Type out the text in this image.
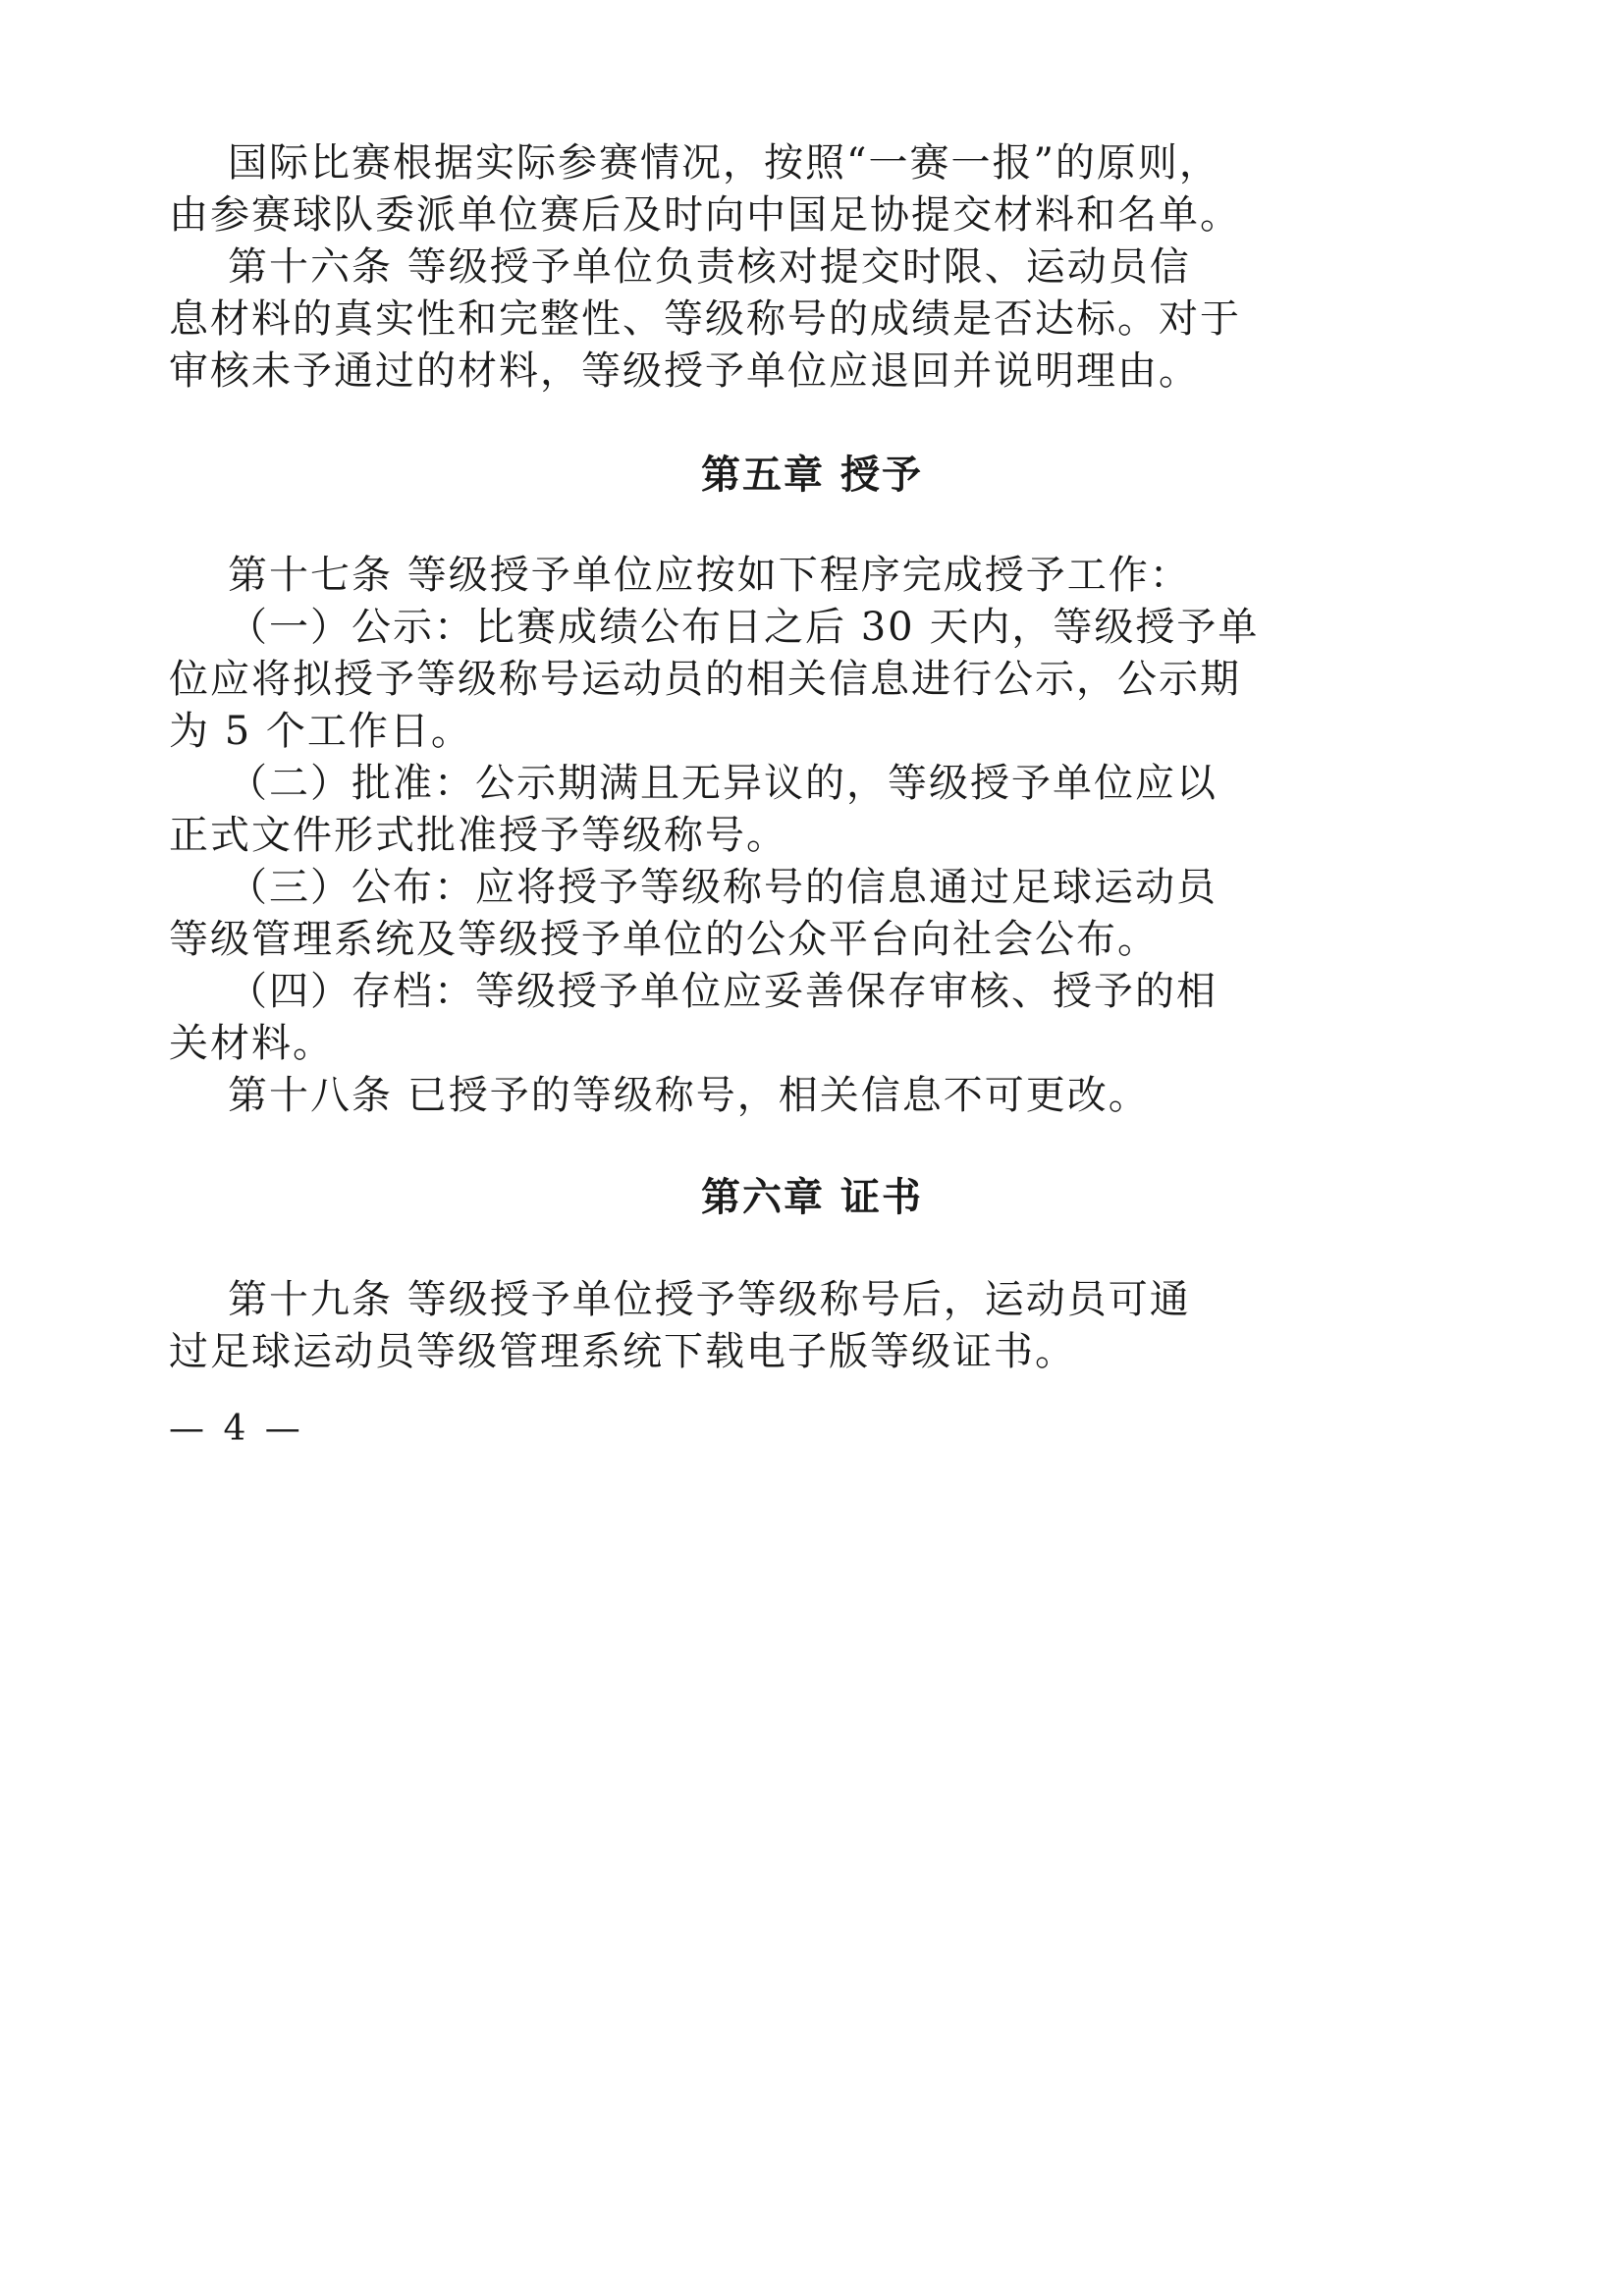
国际比赛根据实际参赛情况，按照“一赛一报”的原则，
由参赛球队委派单位赛后及时向中国足协提交材料和名单。
第十六条 等级授予单位负责核对提交时限、运动员信
息材料的真实性和完整性、等级称号的成绩是否达标。对于
审核未予通过的材料，等级授予单位应退回并说明理由。
第五章 授予
第十七条 等级授予单位应按如下程序完成授予工作：
（一）公示：比赛成绩公布日之后 30 天内，等级授予单
位应将拟授予等级称号运动员的相关信息进行公示，公示期
为 5 个工作日。
（二）批准：公示期满且无异议的，等级授予单位应以
正式文件形式批准授予等级称号。
（三）公布：应将授予等级称号的信息通过足球运动员
等级管理系统及等级授予单位的公众平台向社会公布。
（四）存档：等级授予单位应妥善保存审核、授予的相
关材料。
第十八条 已授予的等级称号，相关信息不可更改。
第六章 证书
第十九条 等级授予单位授予等级称号后，运动员可通
过足球运动员等级管理系统下载电子版等级证书。
— 4 —
